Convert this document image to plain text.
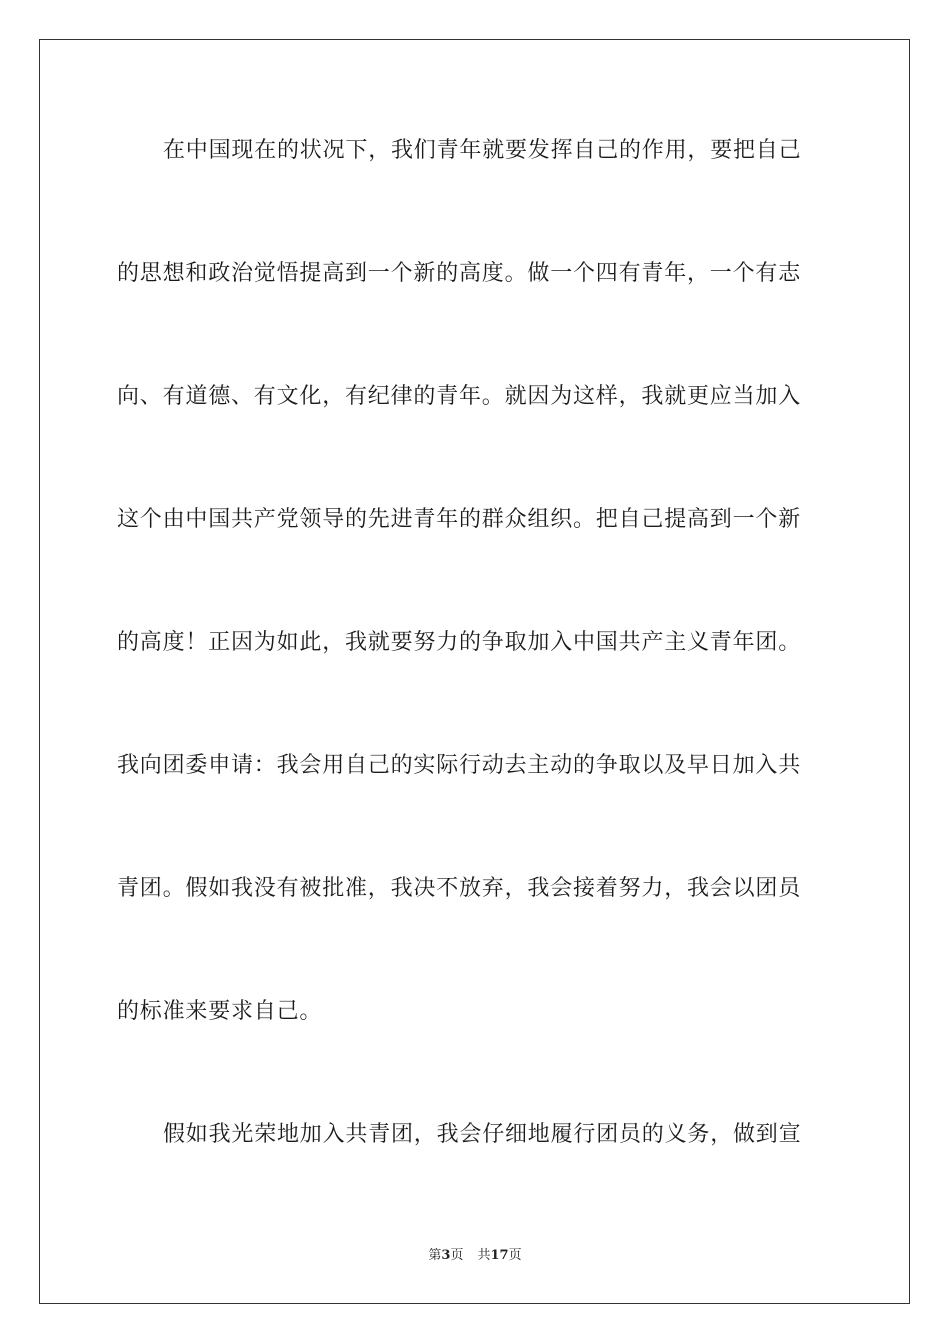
在中国现在的状况下，我们青年就要发挥自己的作用，要把自己
的思想和政治觉悟提高到一个新的高度。做一个四有青年，一个有志
向、有道德、有文化，有纪律的青年。就因为这样，我就更应当加入
这个由中国共产党领导的先进青年的群众组织。把自己提高到一个新
的高度！正因为如此，我就要努力的争取加入中国共产主义青年团。
我向团委申请：我会用自己的实际行动去主动的争取以及早日加入共
青团。假如我没有被批准，我决不放弃，我会接着努力，我会以团员
的标准来要求自己。
假如我光荣地加入共青团，我会仔细地履行团员的义务，做到宣
第3页 共17页
